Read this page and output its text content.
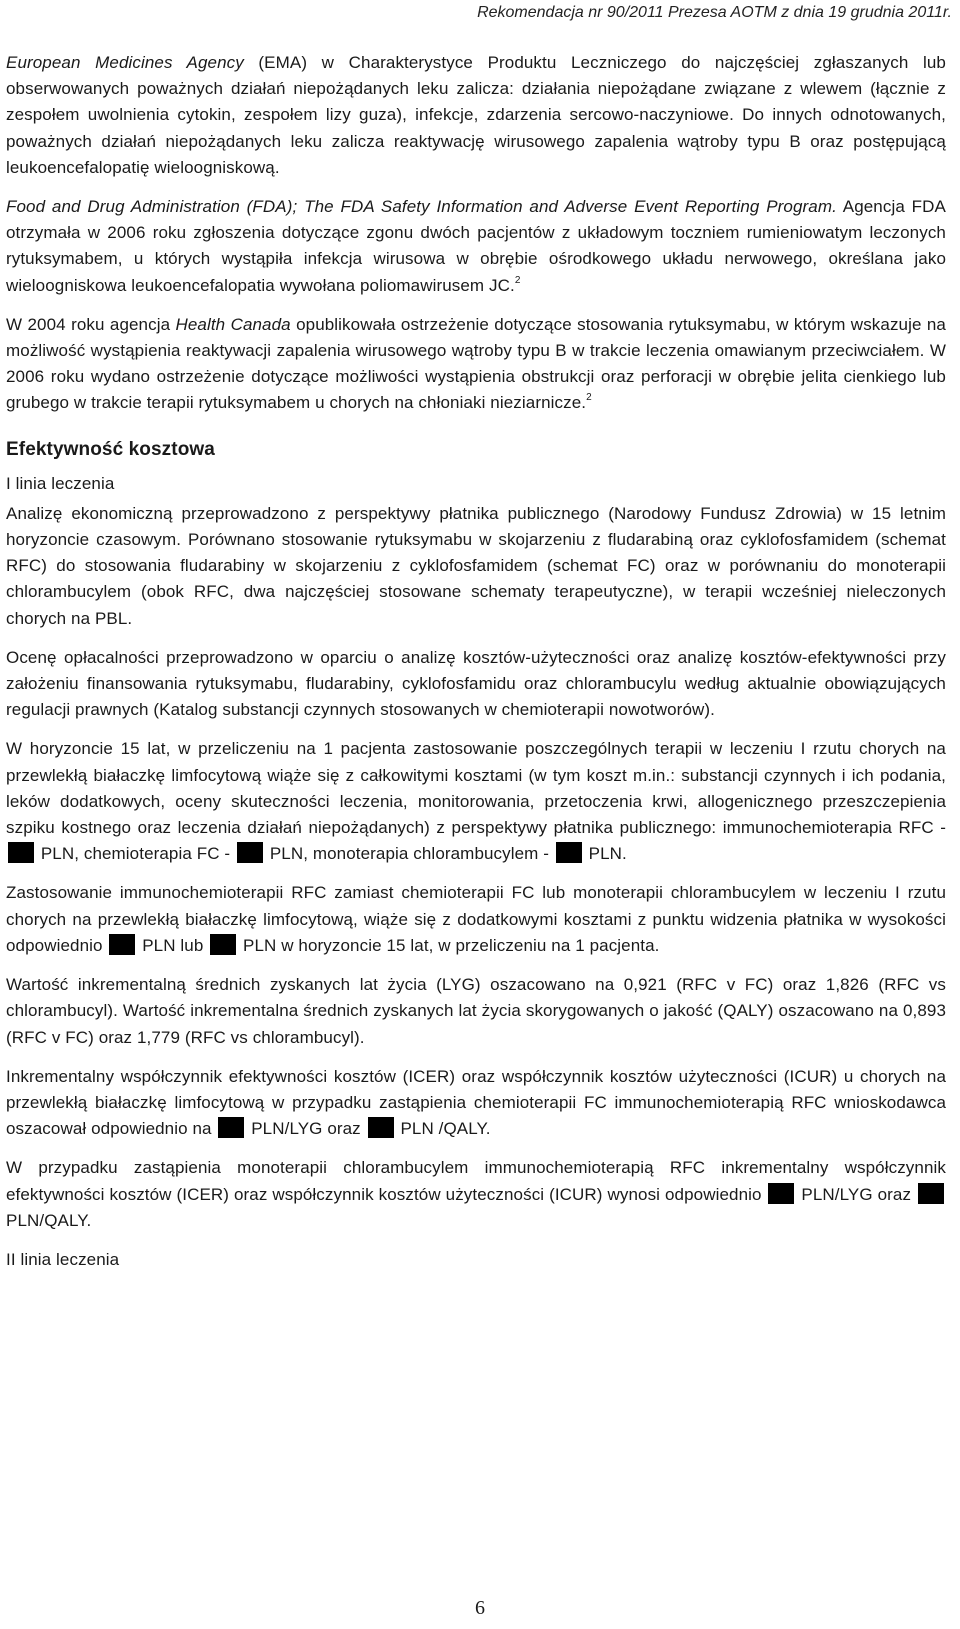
Rekomendacja nr 90/2011 Prezesa AOTM z dnia 19 grudnia 2011r.

European Medicines Agency (EMA) w Charakterystyce Produktu Leczniczego do najczęściej zgłaszanych lub obserwowanych poważnych działań niepożądanych leku zalicza: działania niepożądane związane z wlewem (łącznie z zespołem uwolnienia cytokin, zespołem lizy guza), infekcje, zdarzenia sercowo-naczyniowe. Do innych odnotowanych, poważnych działań niepożądanych leku zalicza reaktywację wirusowego zapalenia wątroby typu B oraz postępującą leukoencefalopatię wieloogniskową.

Food and Drug Administration (FDA); The FDA Safety Information and Adverse Event Reporting Program. Agencja FDA otrzymała w 2006 roku zgłoszenia dotyczące zgonu dwóch pacjentów z układowym toczniem rumieniowatym leczonych rytuksymabem, u których wystąpiła infekcja wirusowa w obrębie ośrodkowego układu nerwowego, określana jako wieloogniskowa leukoencefalopatia wywołana poliomawirusem JC.$^2$

W 2004 roku agencja Health Canada opublikowała ostrzeżenie dotyczące stosowania rytuksymabu, w którym wskazuje na możliwość wystąpienia reaktywacji zapalenia wirusowego wątroby typu B w trakcie leczenia omawianym przeciwciałem. W 2006 roku wydano ostrzeżenie dotyczące możliwości wystąpienia obstrukcji oraz perforacji w obrębie jelita cienkiego lub grubego w trakcie terapii rytuksymabem u chorych na chłoniaki nieziarnicze.$^2$

Efektywność kosztowa

I linia leczenia

Analizę ekonomiczną przeprowadzono z perspektywy płatnika publicznego (Narodowy Fundusz Zdrowia) w 15 letnim horyzoncie czasowym. Porównano stosowanie rytuksymabu w skojarzeniu z fludarabiną oraz cyklofosfamidem (schemat RFC) do stosowania fludarabiny w skojarzeniu z cyklofosfamidem (schemat FC) oraz w porównaniu do monoterapii chlorambucylem (obok RFC, dwa najczęściej stosowane schematy terapeutyczne), w terapii wcześniej nieleczonych chorych na PBL.

Ocenę opłacalności przeprowadzono w oparciu o analizę kosztów-użyteczności oraz analizę kosztów-efektywności przy założeniu finansowania rytuksymabu, fludarabiny, cyklofosfamidu oraz chlorambucylu według aktualnie obowiązujących regulacji prawnych (Katalog substancji czynnych stosowanych w chemioterapii nowotworów).

W horyzoncie 15 lat, w przeliczeniu na 1 pacjenta zastosowanie poszczególnych terapii w leczeniu I rzutu chorych na przewlekłą białaczkę limfocytową wiąże się z całkowitymi kosztami (w tym koszt m.in.: substancji czynnych i ich podania, leków dodatkowych, oceny skuteczności leczenia, monitorowania, przetoczenia krwi, allogenicznego przeszczepienia szpiku kostnego oraz leczenia działań niepożądanych) z perspektywy płatnika publicznego: immunochemioterapia RFC -  PLN, chemioterapia FC -  PLN, monoterapia chlorambucylem -  PLN.

Zastosowanie immunochemioterapii RFC zamiast chemioterapii FC lub monoterapii chlorambucylem w leczeniu I rzutu chorych na przewlekłą białaczkę limfocytową, wiąże się z dodatkowymi kosztami z punktu widzenia płatnika w wysokości odpowiednio  PLN lub  PLN w horyzoncie 15 lat, w przeliczeniu na 1 pacjenta.

Wartość inkrementalną średnich zyskanych lat życia (LYG) oszacowano na 0,921 (RFC v FC) oraz 1,826 (RFC vs chlorambucyl). Wartość inkrementalna średnich zyskanych lat życia skorygowanych o jakość (QALY) oszacowano na 0,893 (RFC v FC) oraz 1,779 (RFC vs chlorambucyl).

Inkrementalny współczynnik efektywności kosztów (ICER) oraz współczynnik kosztów użyteczności (ICUR) u chorych na przewlekłą białaczkę limfocytową w przypadku zastąpienia chemioterapii FC immunochemioterapią RFC wnioskodawca oszacował odpowiednio na  PLN/LYG oraz  PLN /QALY.

W przypadku zastąpienia monoterapii chlorambucylem immunochemioterapią RFC inkrementalny współczynnik efektywności kosztów (ICER) oraz współczynnik kosztów użyteczności (ICUR) wynosi odpowiednio  PLN/LYG oraz  PLN/QALY.

II linia leczenia

6
